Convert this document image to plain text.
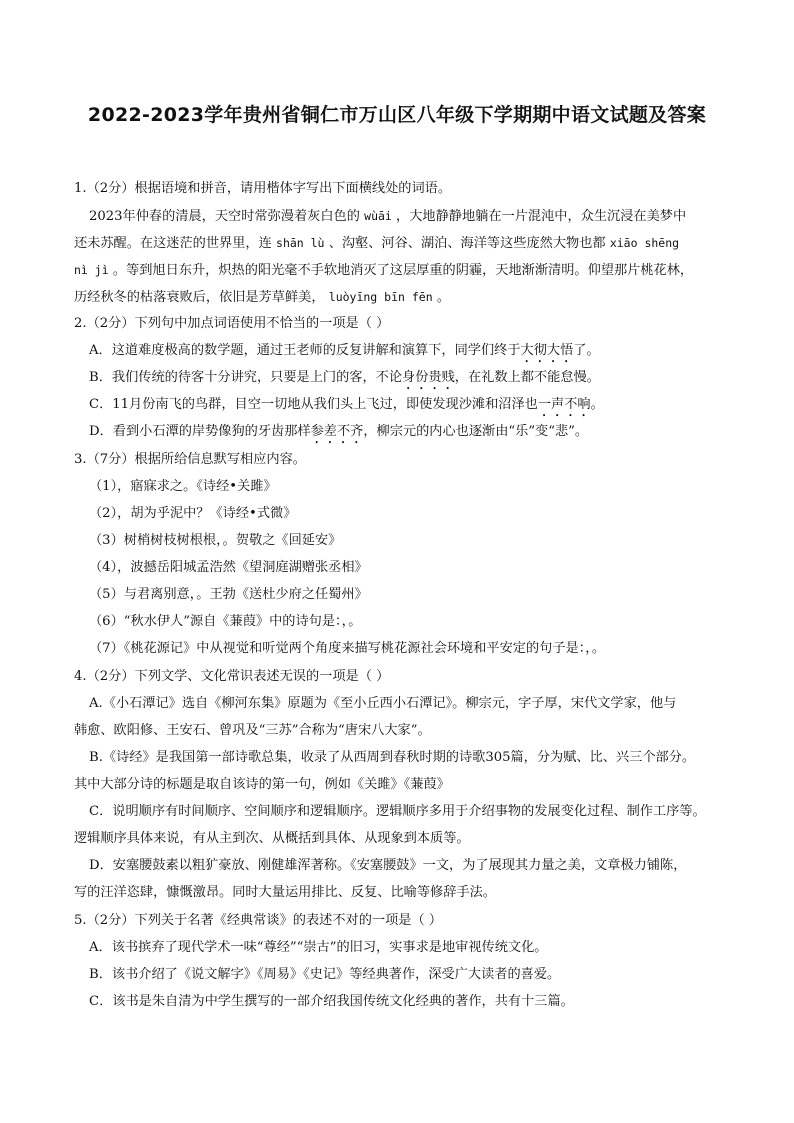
2022-2023学年贵州省铜仁市万山区八年级下学期期中语文试题及答案
1.（2分）根据语境和拼音，请用楷体字写出下面横线处的词语。
2023年仲春的清晨，天空时常弥漫着灰白色的 wùāi ，大地静静地躺在一片混沌中，众生沉浸在美梦中
还未苏醒。在这迷茫的世界里，连 shān lù 、沟壑、河谷、湖泊、海洋等这些庞然大物也都 xiāo shēng
nì jì 。等到旭日东升，炽热的阳光毫不手软地消灭了这层厚重的阴霾，天地渐渐清明。仰望那片桃花林，
历经秋冬的枯落衰败后，依旧是芳草鲜美， luòyīng bīn fēn 。
2.（2分）下列句中加点词语使用不恰当的一项是（ ）
A．这道难度极高的数学题，通过王老师的反复讲解和演算下，同学们终于大彻大悟了。
B．我们传统的待客十分讲究，只要是上门的客，不论身份贵贱，在礼数上都不能怠慢。
C．11月份南飞的鸟群，目空一切地从我们头上飞过，即使发现沙滩和沼泽也一声不响。
D．看到小石潭的岸势像狗的牙齿那样参差不齐，柳宗元的内心也逐渐由“乐”变“悲”。
3.（7分）根据所给信息默写相应内容。
（1），寤寐求之。《诗经•关雎》
（2），胡为乎泥中？《诗经•式微》
（3）树梢树枝树根根，。贺敬之《回延安》
（4），波撼岳阳城孟浩然《望洞庭湖赠张丞相》
（5）与君离别意，。王勃《送杜少府之任蜀州》
（6）“秋水伊人”源自《蒹葭》中的诗句是：，。
（7）《桃花源记》中从视觉和听觉两个角度来描写桃花源社会环境和平安定的句子是：，。
4.（2分）下列文学、文化常识表述无误的一项是（ ）
A.《小石潭记》选自《柳河东集》原题为《至小丘西小石潭记》。柳宗元，字子厚，宋代文学家，他与
韩愈、欧阳修、王安石、曾巩及“三苏”合称为“唐宋八大家”。
B.《诗经》是我国第一部诗歌总集，收录了从西周到春秋时期的诗歌305篇，分为赋、比、兴三个部分。
其中大部分诗的标题是取自该诗的第一句，例如《关雎》《蒹葭》
C．说明顺序有时间顺序、空间顺序和逻辑顺序。逻辑顺序多用于介绍事物的发展变化过程、制作工序等。
逻辑顺序具体来说，有从主到次、从概括到具体、从现象到本质等。
D．安塞腰鼓素以粗犷豪放、刚健雄浑著称。《安塞腰鼓》一文，为了展现其力量之美，文章极力铺陈，
写的汪洋恣肆，慷慨激昂。同时大量运用排比、反复、比喻等修辞手法。
5.（2分）下列关于名著《经典常谈》的表述不对的一项是（ ）
A．该书摈弃了现代学术一味“尊经”“崇古”的旧习，实事求是地审视传统文化。
B．该书介绍了《说文解字》《周易》《史记》等经典著作，深受广大读者的喜爱。
C．该书是朱自清为中学生撰写的一部介绍我国传统文化经典的著作，共有十三篇。
